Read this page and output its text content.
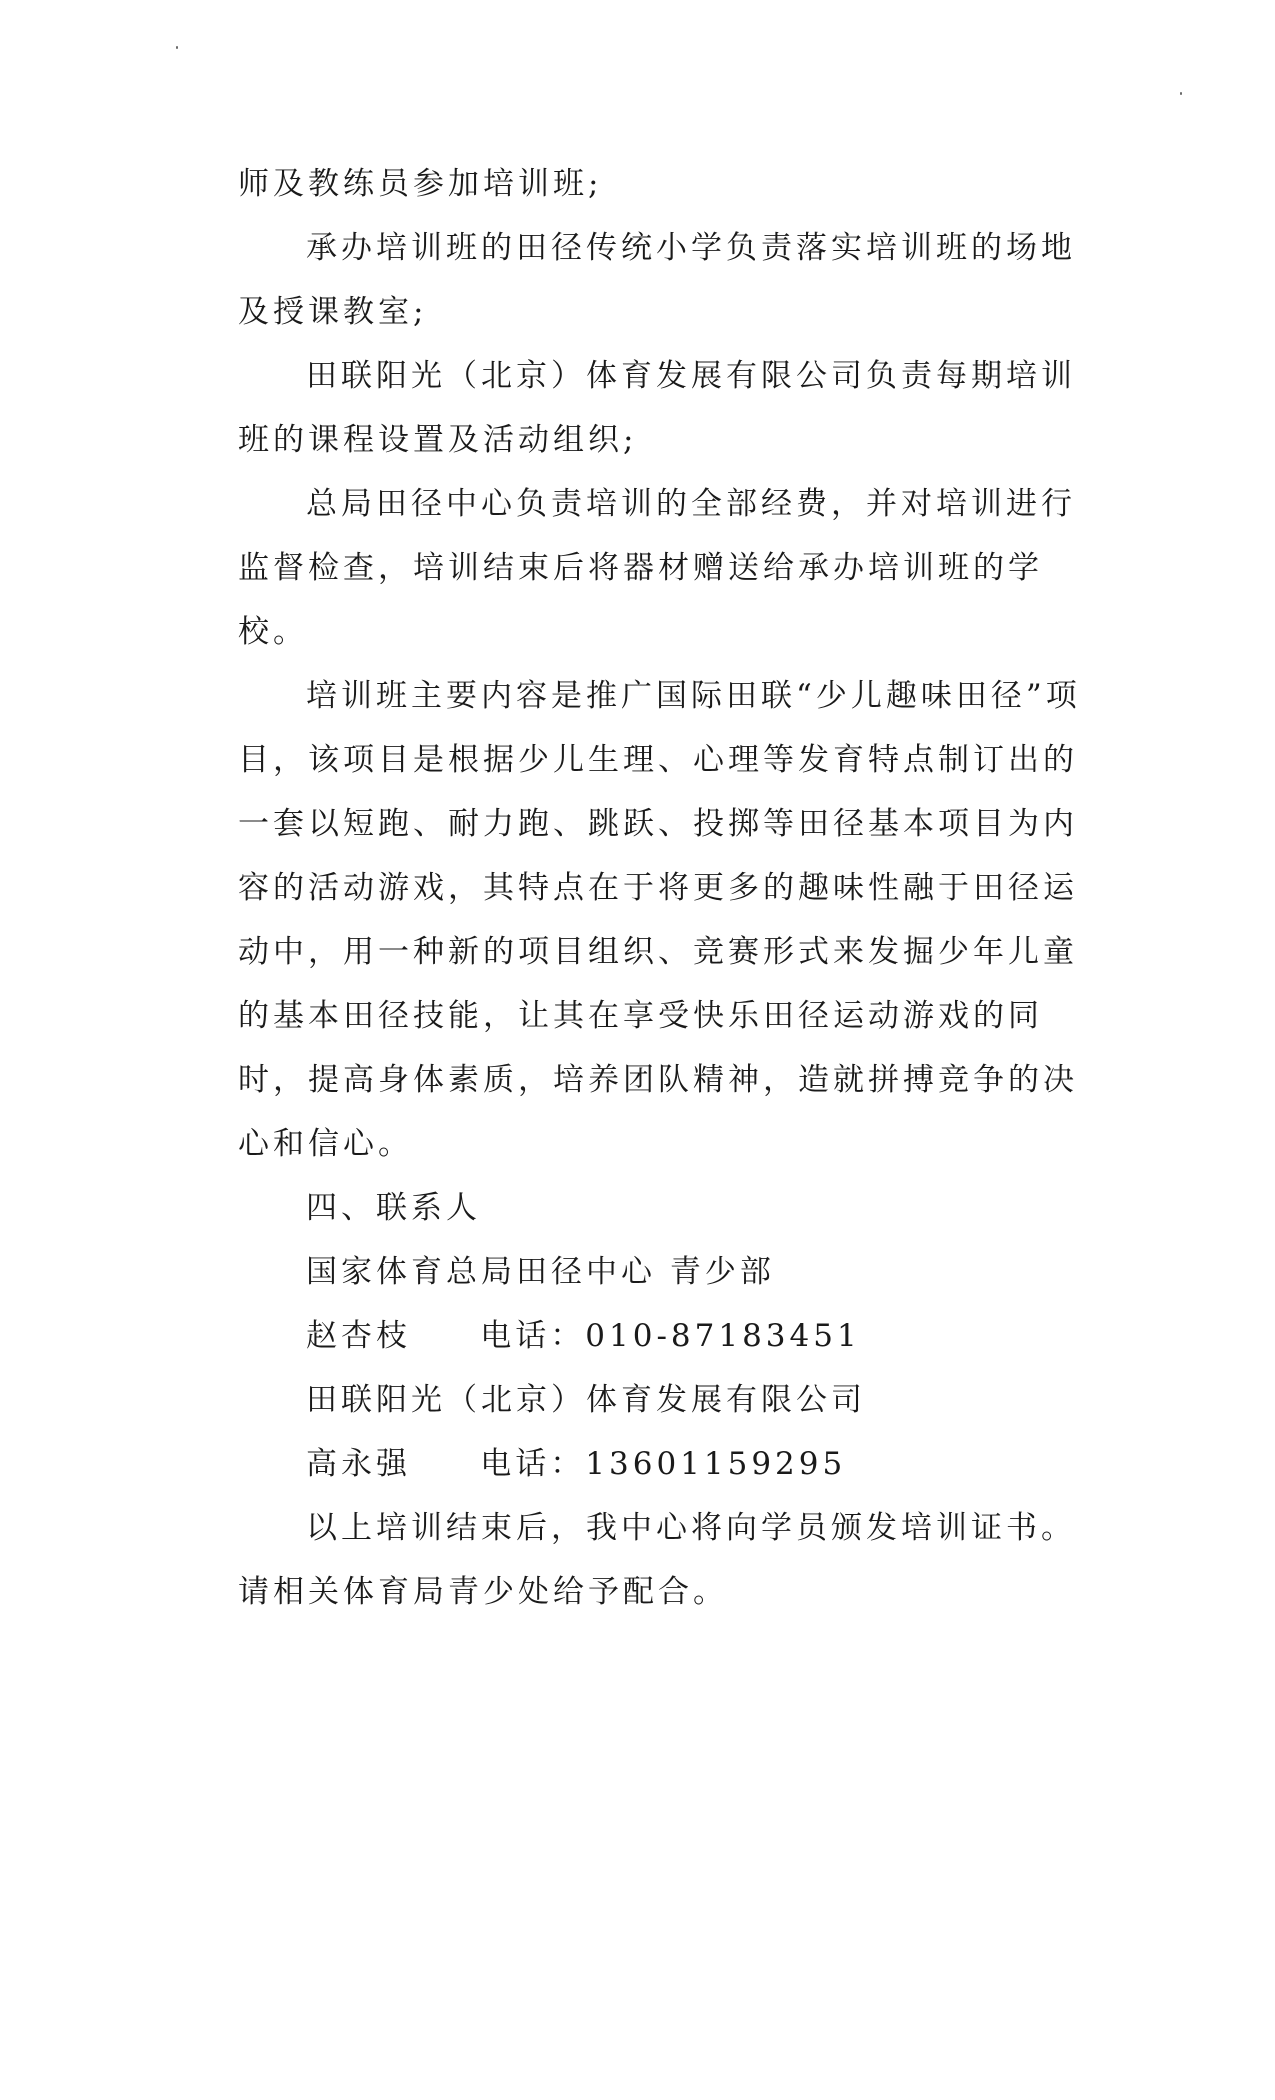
师及教练员参加培训班;

承办培训班的田径传统小学负责落实培训班的场地及授课教室;

田联阳光（北京）体育发展有限公司负责每期培训班的课程设置及活动组织;

总局田径中心负责培训的全部经费，并对培训进行监督检查，培训结束后将器材赠送给承办培训班的学校。

培训班主要内容是推广国际田联“少儿趣味田径”项目，该项目是根据少儿生理、心理等发育特点制订出的一套以短跑、耐力跑、跳跃、投掷等田径基本项目为内容的活动游戏，其特点在于将更多的趣味性融于田径运动中，用一种新的项目组织、竞赛形式来发掘少年儿童的基本田径技能，让其在享受快乐田径运动游戏的同时，提高身体素质，培养团队精神，造就拼搏竞争的决心和信心。

四、联系人

国家体育总局田径中心 青少部

赵杏枝     电话：010-87183451

田联阳光（北京）体育发展有限公司

高永强     电话：13601159295

以上培训结束后，我中心将向学员颁发培训证书。请相关体育局青少处给予配合。
